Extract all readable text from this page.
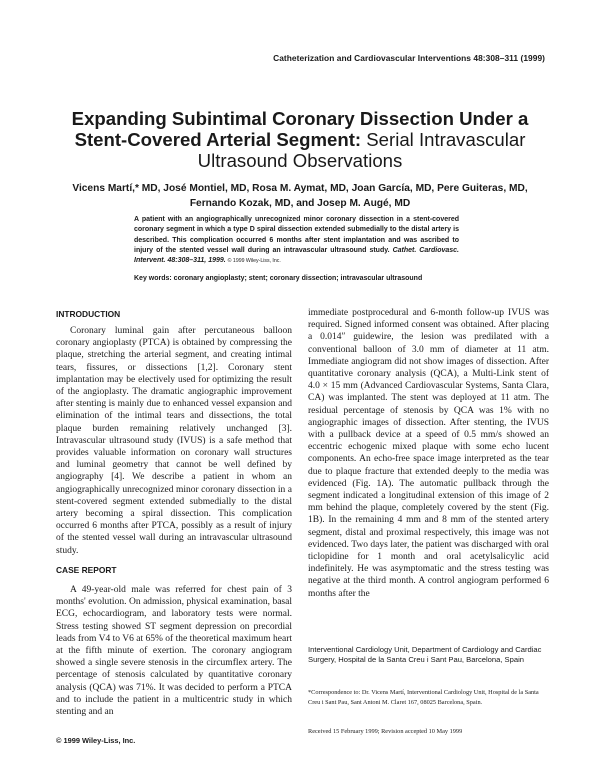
Catheterization and Cardiovascular Interventions 48:308–311 (1999)
Expanding Subintimal Coronary Dissection Under a
Stent-Covered Arterial Segment: Serial Intravascular
Ultrasound Observations
Vicens Martí,* MD, José Montiel, MD, Rosa M. Aymat, MD, Joan García, MD, Pere Guiteras, MD,
Fernando Kozak, MD, and Josep M. Augé, MD
A patient with an angiographically unrecognized minor coronary dissection in a stent-covered coronary segment in which a type D spiral dissection extended submedially to the distal artery is described. This complication occurred 6 months after stent implantation and was ascribed to injury of the stented vessel wall during an intravascular ultrasound study. Cathet. Cardiovasc. Intervent. 48:308–311, 1999. © 1999 Wiley-Liss, Inc.
Key words: coronary angioplasty; stent; coronary dissection; intravascular ultrasound
INTRODUCTION

Coronary luminal gain after percutaneous balloon coronary angioplasty (PTCA) is obtained by compressing the plaque, stretching the arterial segment, and creating intimal tears, fissures, or dissections [1,2]. Coronary stent implantation may be electively used for optimizing the result of the angioplasty. The dramatic angiographic improvement after stenting is mainly due to enhanced vessel expansion and elimination of the intimal tears and dissections, the total plaque burden remaining relatively unchanged [3]. Intravascular ultrasound study (IVUS) is a safe method that provides valuable information on coronary wall structures and luminal geometry that cannot be well defined by angiography [4]. We describe a patient in whom an angiographically unrecognized minor coronary dissection in a stent-covered segment extended submedially to the distal artery becoming a spiral dissection. This complication occurred 6 months after PTCA, possibly as a result of injury of the stented vessel wall during an intravascular ultrasound study.

CASE REPORT

A 49-year-old male was referred for chest pain of 3 months' evolution. On admission, physical examination, basal ECG, echocardiogram, and laboratory tests were normal. Stress testing showed ST segment depression on precordial leads from V4 to V6 at 65% of the theoretical maximum heart at the fifth minute of exertion. The coronary angiogram showed a single severe stenosis in the circumflex artery. The percentage of stenosis calculated by quantitative coronary analysis (QCA) was 71%. It was decided to perform a PTCA and to include the patient in a multicentric study in which stenting and an

immediate postprocedural and 6-month follow-up IVUS was required. Signed informed consent was obtained. After placing a 0.014″ guidewire, the lesion was predilated with a conventional balloon of 3.0 mm of diameter at 11 atm. Immediate angiogram did not show images of dissection. After quantitative coronary analysis (QCA), a Multi-Link stent of 4.0 × 15 mm (Advanced Cardiovascular Systems, Santa Clara, CA) was implanted. The stent was deployed at 11 atm. The residual percentage of stenosis by QCA was 1% with no angiographic images of dissection. After stenting, the IVUS with a pullback device at a speed of 0.5 mm/s showed an eccentric echogenic mixed plaque with some echo lucent components. An echo-free space image interpreted as the tear due to plaque fracture that extended deeply to the media was evidenced (Fig. 1A). The automatic pullback through the segment indicated a longitudinal extension of this image of 2 mm behind the plaque, completely covered by the stent (Fig. 1B). In the remaining 4 mm and 8 mm of the stented artery segment, distal and proximal respectively, this image was not evidenced. Two days later, the patient was discharged with oral ticlopidine for 1 month and oral acetylsalicylic acid indefinitely. He was asymptomatic and the stress testing was negative at the third month. A control angiogram performed 6 months after the

Interventional Cardiology Unit, Department of Cardiology and Cardiac Surgery, Hospital de la Santa Creu i Sant Pau, Barcelona, Spain
*Correspondence to: Dr. Vicens Martí, Interventional Cardiology Unit, Hospital de la Santa Creu i Sant Pau, Sant Antoni M. Claret 167, 08025 Barcelona, Spain.
Received 15 February 1999; Revision accepted 10 May 1999
© 1999 Wiley-Liss, Inc.
